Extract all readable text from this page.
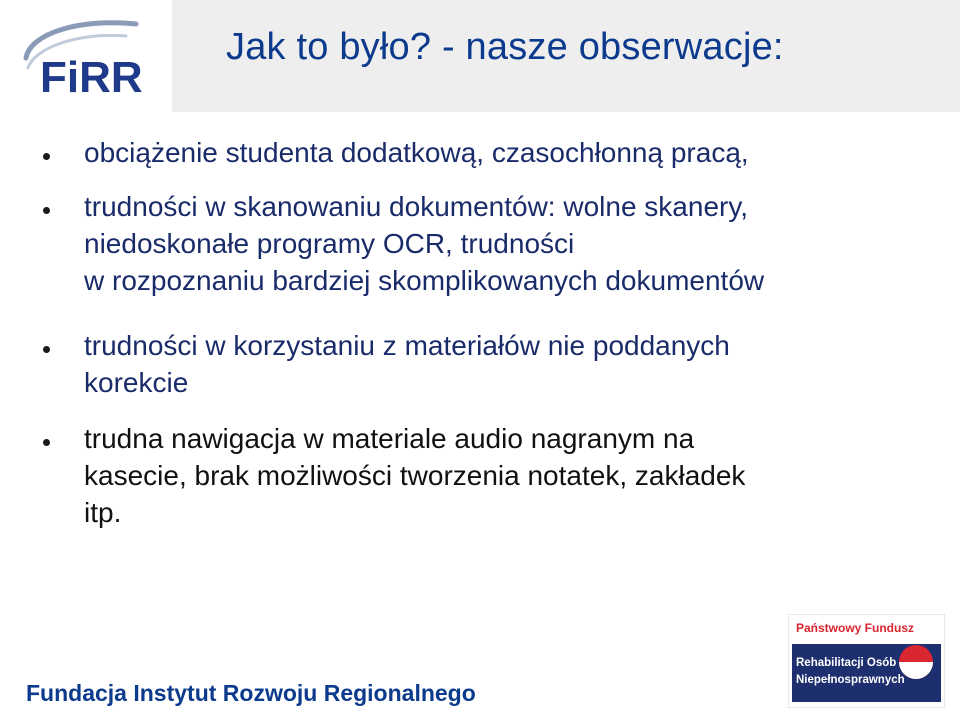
FiRR
Jak to było? - nasze obserwacje:
obciążenie studenta dodatkową, czasochłonną pracą,
trudności w skanowaniu dokumentów: wolne skanery,
niedoskonałe programy OCR, trudności
w rozpoznaniu bardziej skomplikowanych dokumentów
trudności w korzystaniu z materiałów nie poddanych
korekcie
trudna nawigacja w materiale audio nagranym na
kasecie, brak możliwości tworzenia notatek, zakładek
itp.
Fundacja Instytut Rozwoju Regionalnego
Państwowy Fundusz
Rehabilitacji Osób
Niepełnosprawnych
